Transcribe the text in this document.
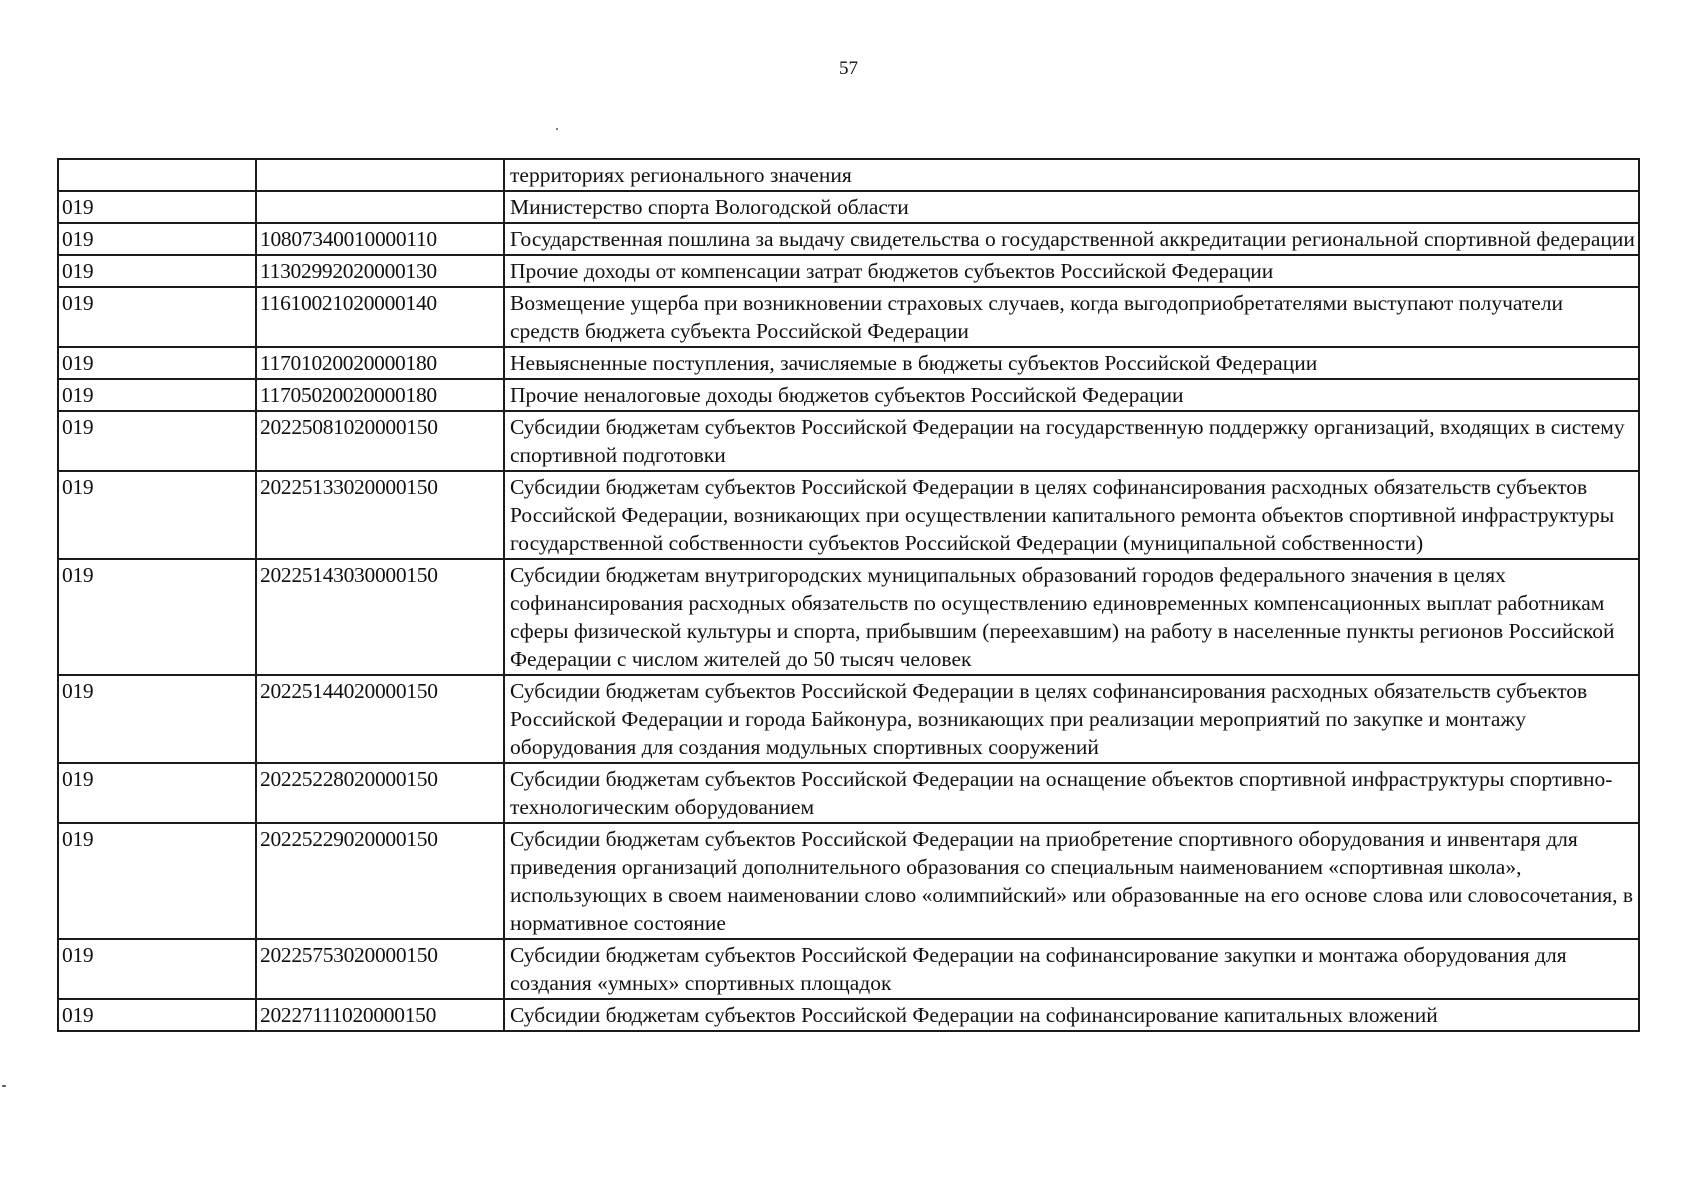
57
		территориях регионального значения
019		Министерство спорта Вологодской области
019	10807340010000110	Государственная пошлина за выдачу свидетельства о государственной аккредитации региональной спортивной федерации
019	11302992020000130	Прочие доходы от компенсации затрат бюджетов субъектов Российской Федерации
019	11610021020000140	Возмещение ущерба при возникновении страховых случаев, когда выгодоприобретателями выступают получатели средств бюджета субъекта Российской Федерации
019	11701020020000180	Невыясненные поступления, зачисляемые в бюджеты субъектов Российской Федерации
019	11705020020000180	Прочие неналоговые доходы бюджетов субъектов Российской Федерации
019	20225081020000150	Субсидии бюджетам субъектов Российской Федерации на государственную поддержку организаций, входящих в систему спортивной подготовки
019	20225133020000150	Субсидии бюджетам субъектов Российской Федерации в целях софинансирования расходных обязательств субъектов Российской Федерации, возникающих при осуществлении капитального ремонта объектов спортивной инфраструктуры государственной собственности субъектов Российской Федерации (муниципальной собственности)
019	20225143030000150	Субсидии бюджетам внутригородских муниципальных образований городов федерального значения в целях софинансирования расходных обязательств по осуществлению единовременных компенсационных выплат работникам сферы физической культуры и спорта, прибывшим (переехавшим) на работу в населенные пункты регионов Российской Федерации с числом жителей до 50 тысяч человек
019	20225144020000150	Субсидии бюджетам субъектов Российской Федерации в целях софинансирования расходных обязательств субъектов Российской Федерации и города Байконура, возникающих при реализации мероприятий по закупке и монтажу оборудования для создания модульных спортивных сооружений
019	20225228020000150	Субсидии бюджетам субъектов Российской Федерации на оснащение объектов спортивной инфраструктуры спортивно-технологическим оборудованием
019	20225229020000150	Субсидии бюджетам субъектов Российской Федерации на приобретение спортивного оборудования и инвентаря для приведения организаций дополнительного образования со специальным наименованием «спортивная школа», использующих в своем наименовании слово «олимпийский» или образованные на его основе слова или словосочетания, в нормативное состояние
019	20225753020000150	Субсидии бюджетам субъектов Российской Федерации на софинансирование закупки и монтажа оборудования для создания «умных» спортивных площадок
019	20227111020000150	Субсидии бюджетам субъектов Российской Федерации на софинансирование капитальных вложений
